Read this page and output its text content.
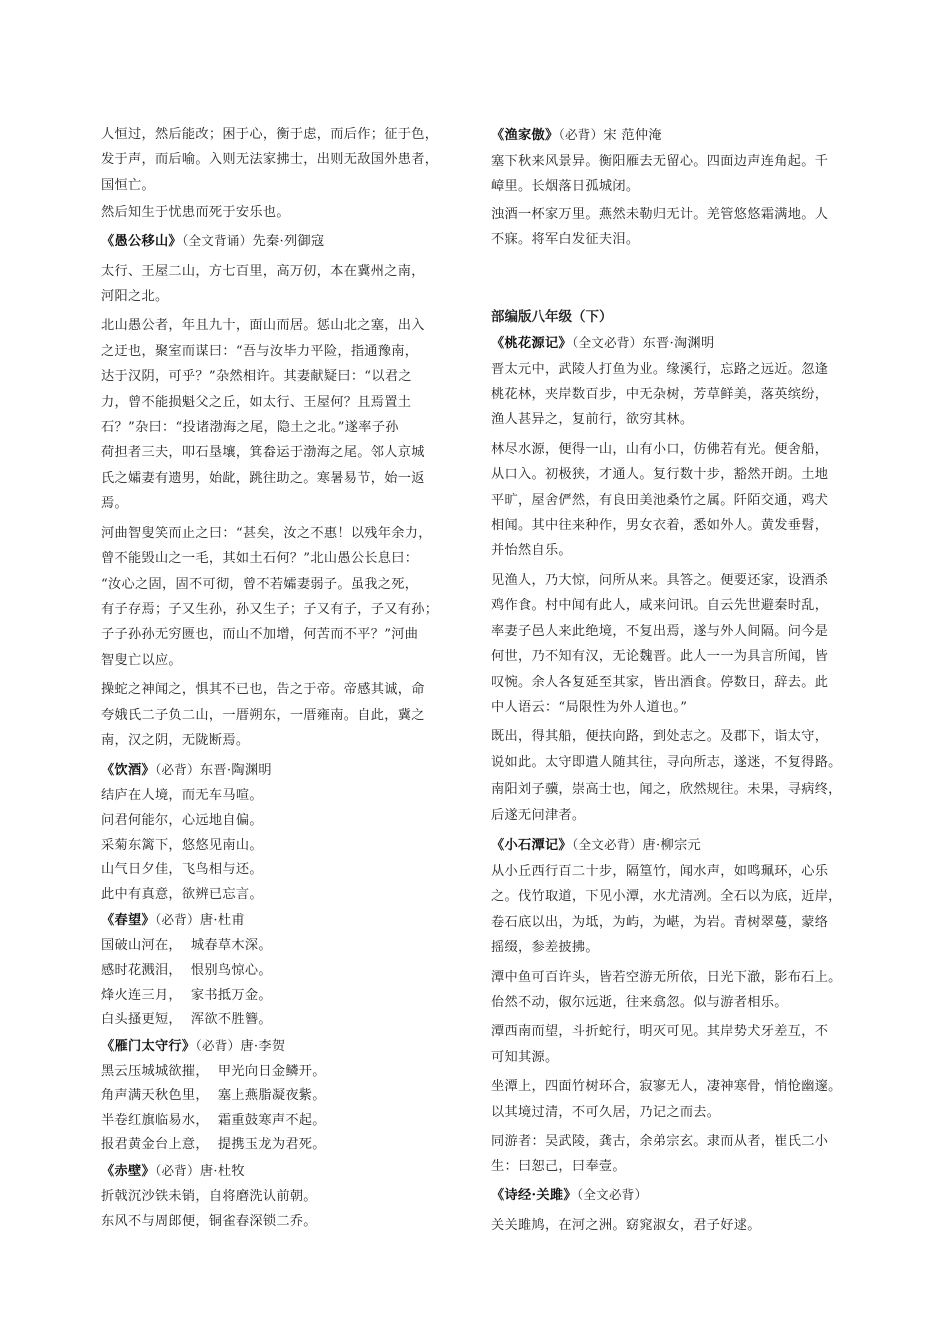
人恒过，然后能改；困于心，衡于虑，而后作；征于色，
发于声，而后喻。入则无法家拂士，出则无敌国外患者，
国恒亡。
然后知生于忧患而死于安乐也。
《愚公移山》（全文背诵）先秦·列御寇
太行、王屋二山，方七百里，高万仞，本在冀州之南，
河阳之北。
北山愚公者，年且九十，面山而居。惩山北之塞，出入
之迂也，聚室而谋曰：“吾与汝毕力平险，指通豫南，
达于汉阴，可乎？”杂然相许。其妻献疑曰：“以君之
力，曾不能损魁父之丘，如太行、王屋何？且焉置土
石？”杂曰：“投诸渤海之尾，隐土之北。”遂率子孙
荷担者三夫，叩石垦壤，箕畚运于渤海之尾。邻人京城
氏之孀妻有遗男，始龀，跳往助之。寒暑易节，始一返
焉。
河曲智叟笑而止之曰：“甚矣，汝之不惠！以残年余力，
曾不能毁山之一毛，其如土石何？”北山愚公长息曰：
“汝心之固，固不可彻，曾不若孀妻弱子。虽我之死，
有子存焉；子又生孙，孙又生子；子又有子，子又有孙；
子子孙孙无穷匮也，而山不加增，何苦而不平？”河曲
智叟亡以应。
操蛇之神闻之，惧其不已也，告之于帝。帝感其诚，命
夸娥氏二子负二山，一厝朔东，一厝雍南。自此，冀之
南，汉之阴，无陇断焉。
《饮酒》（必背）东晋·陶渊明
结庐在人境，而无车马喧。
问君何能尔，心远地自偏。
采菊东篱下，悠悠见南山。
山气日夕佳，飞鸟相与还。
此中有真意，欲辨已忘言。
《春望》（必背）唐·杜甫
国破山河在，  城春草木深。
感时花溅泪，  恨别鸟惊心。
烽火连三月，  家书抵万金。
白头搔更短，  浑欲不胜簪。
《雁门太守行》（必背）唐·李贺
黑云压城城欲摧，  甲光向日金鳞开。
角声满天秋色里，  塞上燕脂凝夜紫。
半卷红旗临易水，  霜重鼓寒声不起。
报君黄金台上意，  提携玉龙为君死。
《赤壁》（必背）唐·杜牧
折戟沉沙铁未销，自将磨洗认前朝。
东风不与周郎便，铜雀春深锁二乔。
《渔家傲》（必背）宋 范仲淹
塞下秋来风景异。衡阳雁去无留心。四面边声连角起。千
嶂里。长烟落日孤城闭。
浊酒一杯家万里。燕然未勒归无计。羌管悠悠霜满地。人
不寐。将军白发征夫泪。
部编版八年级（下）
《桃花源记》（全文必背）东晋·淘渊明
晋太元中，武陵人打鱼为业。缘溪行，忘路之远近。忽逢
桃花林，夹岸数百步，中无杂树，芳草鲜美，落英缤纷，
渔人甚异之，复前行，欲穷其林。
林尽水源，便得一山，山有小口，仿佛若有光。便舍船，
从口入。初极狭，才通人。复行数十步，豁然开朗。土地
平旷，屋舍俨然，有良田美池桑竹之属。阡陌交通，鸡犬
相闻。其中往来种作，男女衣着，悉如外人。黄发垂髫，
并怡然自乐。
见渔人，乃大惊，问所从来。具答之。便要还家，设酒杀
鸡作食。村中闻有此人，咸来问讯。自云先世避秦时乱，
率妻子邑人来此绝境，不复出焉，遂与外人间隔。问今是
何世，乃不知有汉，无论魏晋。此人一一为具言所闻，皆
叹惋。余人各复延至其家，皆出酒食。停数日，辞去。此
中人语云：“局限性为外人道也。”
既出，得其船，便扶向路，到处志之。及郡下，诣太守，
说如此。太守即遣人随其往，寻向所志，遂迷，不复得路。
南阳刘子骥，崇高士也，闻之，欣然规往。未果，寻病终，
后遂无问津者。
《小石潭记》（全文必背）唐·柳宗元
从小丘西行百二十步，隔篁竹，闻水声，如鸣珮环，心乐
之。伐竹取道，下见小潭，水尤清冽。全石以为底，近岸，
卷石底以出，为坻，为屿，为嵁，为岩。青树翠蔓，蒙络
摇缀，参差披拂。
潭中鱼可百许头，皆若空游无所依，日光下澈，影布石上。
佁然不动，俶尔远逝，往来翕忽。似与游者相乐。
潭西南而望，斗折蛇行，明灭可见。其岸势犬牙差互，不
可知其源。
坐潭上，四面竹树环合，寂寥无人，凄神寒骨，悄怆幽邃。
以其境过清，不可久居，乃记之而去。
同游者：吴武陵，龚古，余弟宗玄。隶而从者，崔氏二小
生：曰恕己，曰奉壹。
《诗经·关雎》（全文必背）
关关雎鸠，在河之洲。窈窕淑女，君子好逑。
